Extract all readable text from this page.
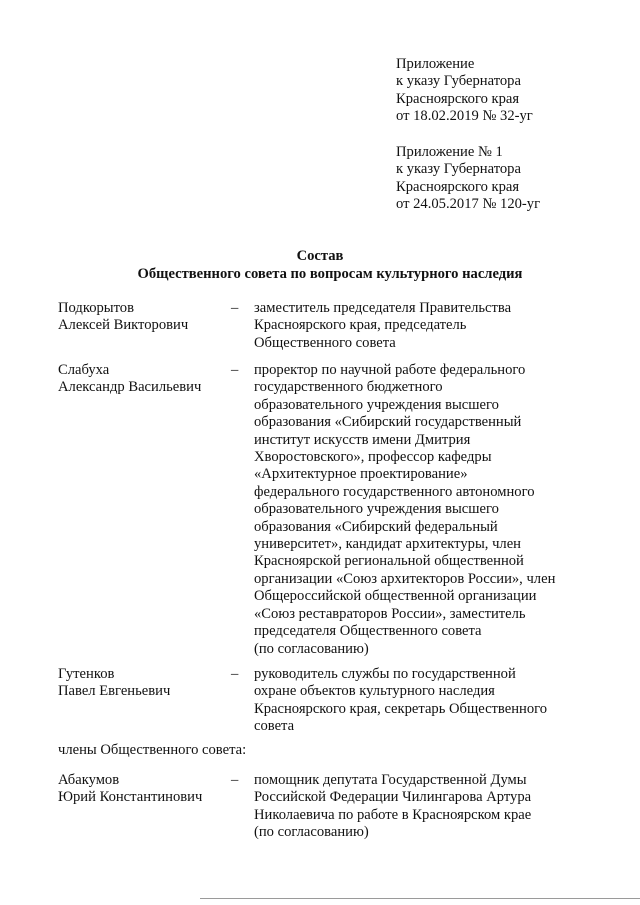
Приложение
к указу Губернатора
Красноярского края
от 18.02.2019 № 32-уг
Приложение № 1
к указу Губернатора
Красноярского края
от 24.05.2017 № 120-уг
Состав
Общественного совета по вопросам культурного наследия
Подкорытов
Алексей Викторович
– заместитель председателя Правительства
Красноярского края, председатель
Общественного совета
Слабуха
Александр Васильевич
– проректор по научной работе федерального
государственного бюджетного
образовательного учреждения высшего
образования «Сибирский государственный
институт искусств имени Дмитрия
Хворостовского», профессор кафедры
«Архитектурное проектирование»
федерального государственного автономного
образовательного учреждения высшего
образования «Сибирский федеральный
университет», кандидат архитектуры, член
Красноярской региональной общественной
организации «Союз архитекторов России», член
Общероссийской общественной организации
«Союз реставраторов России», заместитель
председателя Общественного совета
(по согласованию)
Гутенков
Павел Евгеньевич
– руководитель службы по государственной
охране объектов культурного наследия
Красноярского края, секретарь Общественного
совета
члены Общественного совета:
Абакумов
Юрий Константинович
– помощник депутата Государственной Думы
Российской Федерации Чилингарова Артура
Николаевича по работе в Красноярском крае
(по согласованию)
